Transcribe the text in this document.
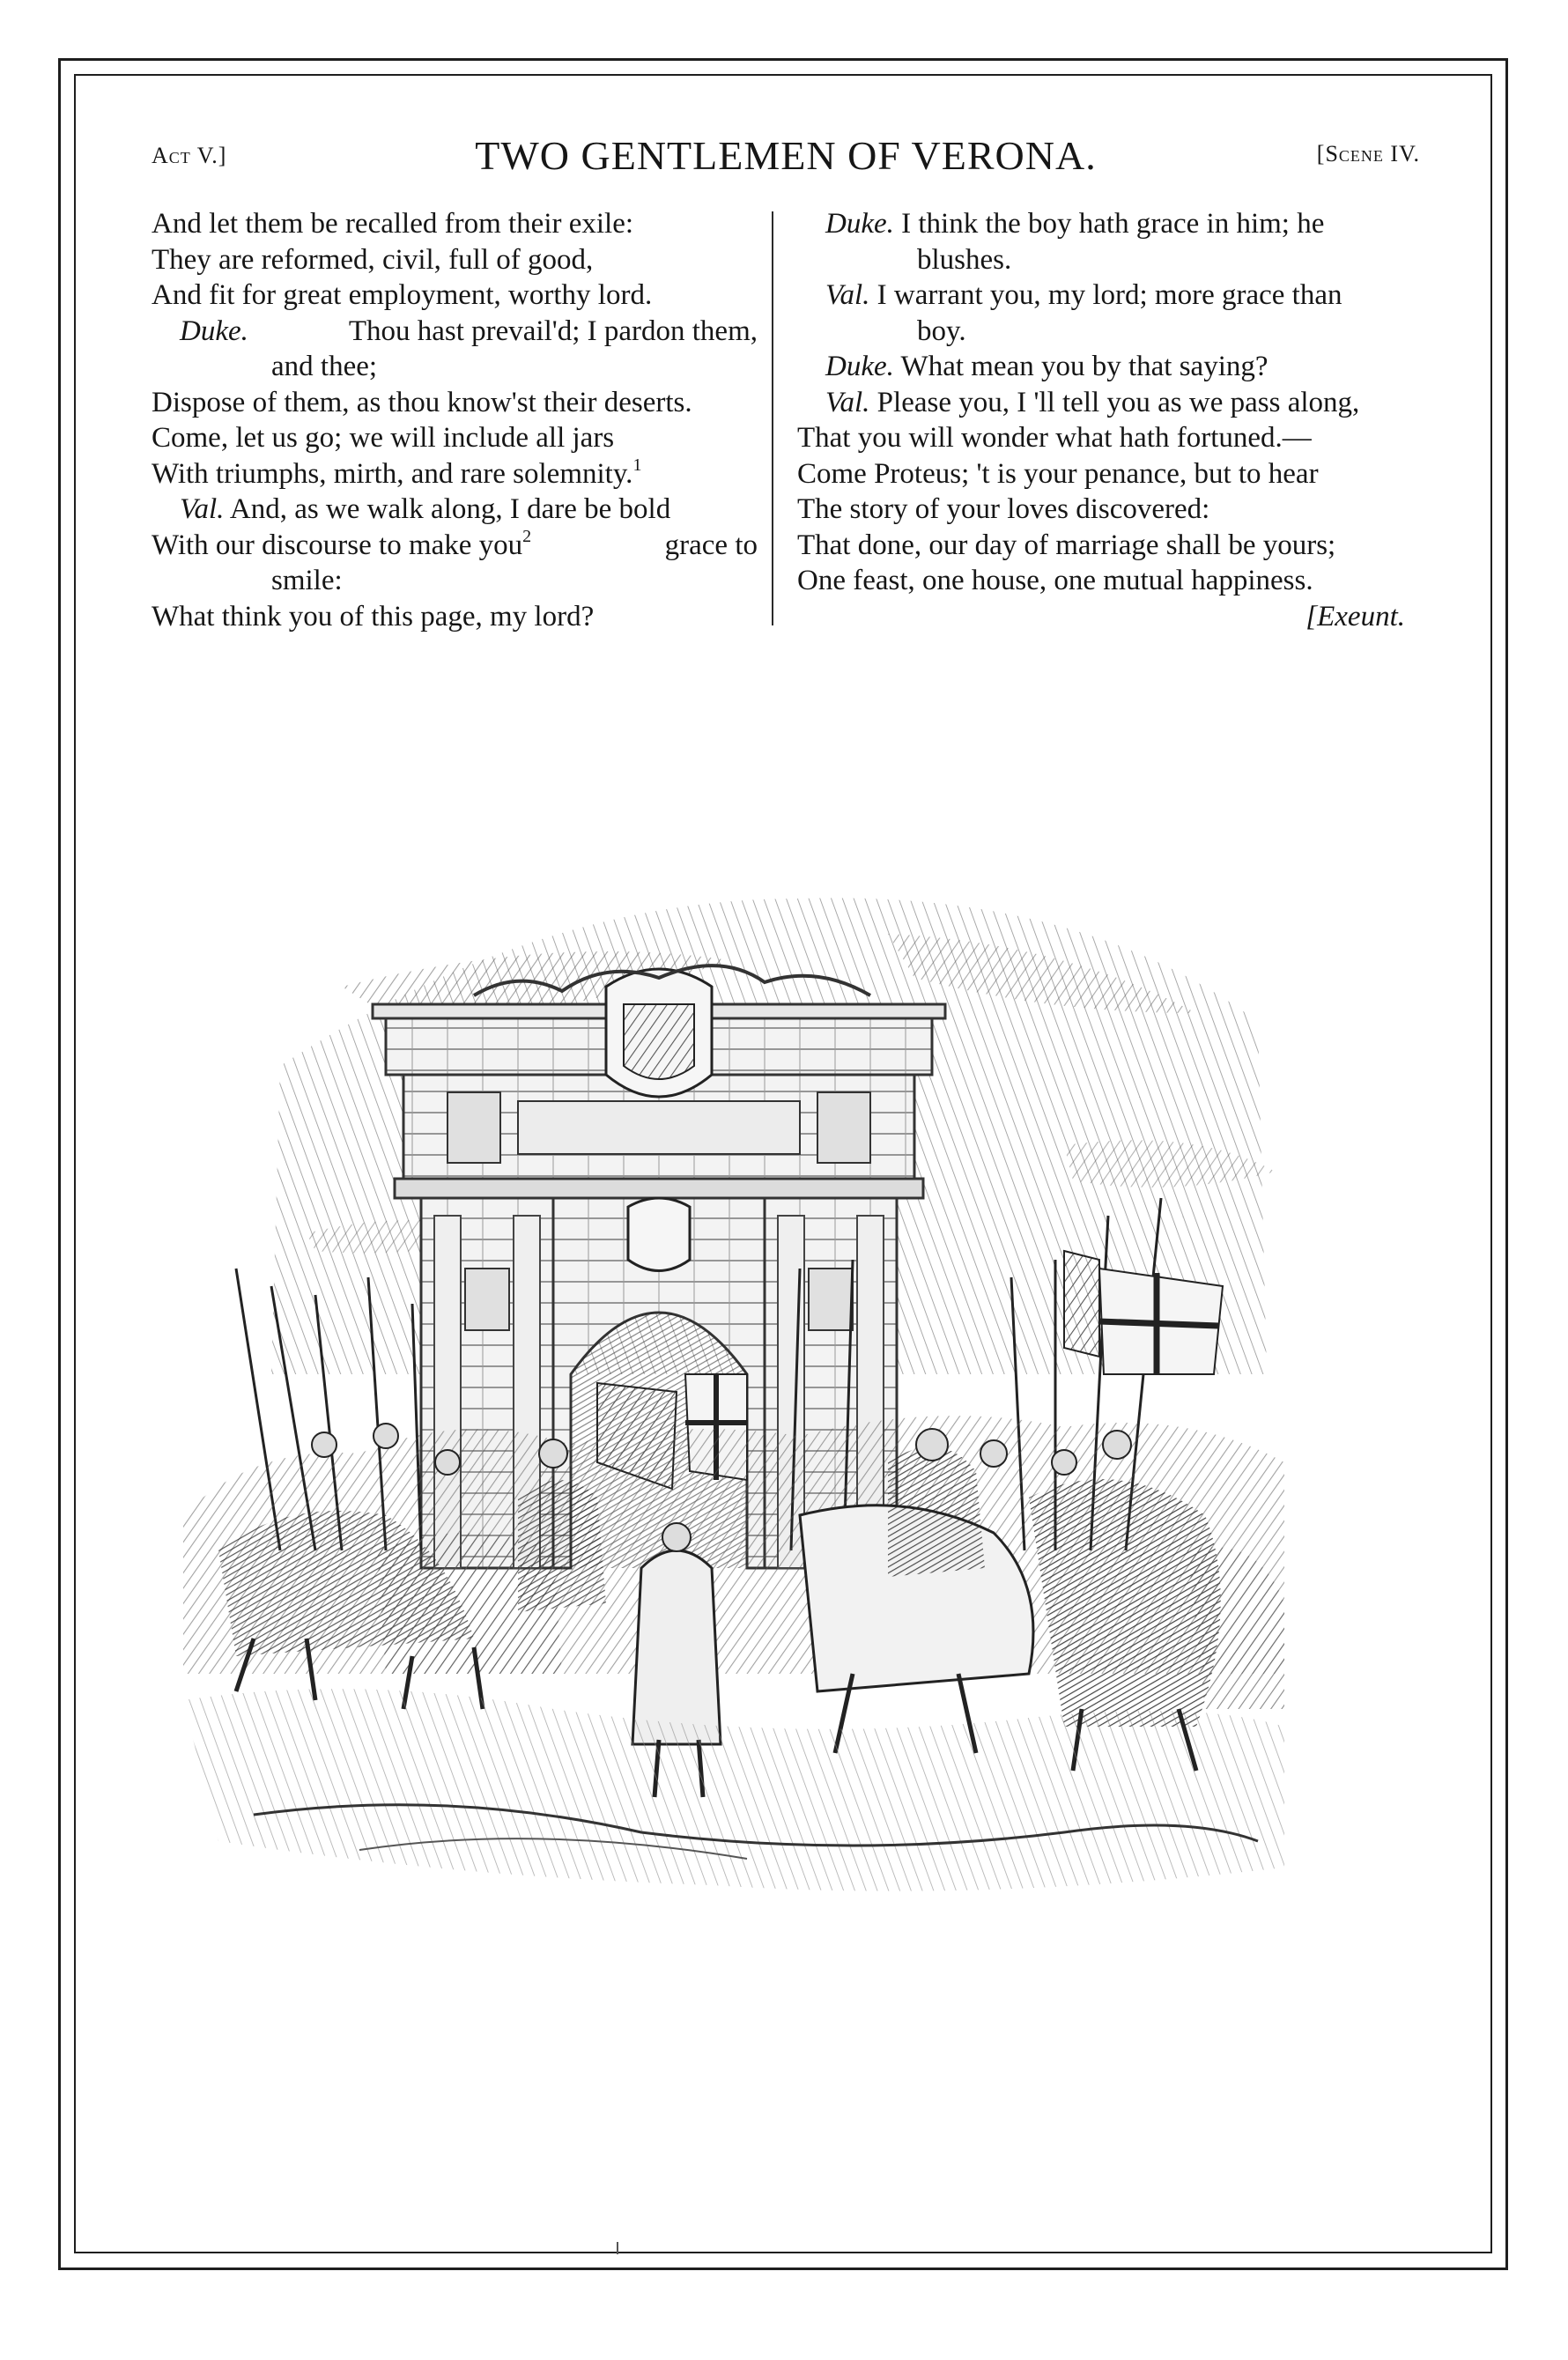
Act V.]	TWO GENTLEMEN OF VERONA.	[Scene IV.
And let them be recalled from their exile:
They are reformed, civil, full of good,
And fit for great employment, worthy lord.
Duke.	Thou hast prevail'd; I pardon them,
and thee;
Dispose of them, as thou know'st their deserts.
Come, let us go; we will include all jars
With triumphs, mirth, and rare solemnity.$^1$
Val. And, as we walk along, I dare be bold
With our discourse to make you$^2$	grace to
smile:
What think you of this page, my lord?
Duke. I think the boy hath grace in him; he
blushes.
Val. I warrant you, my lord; more grace than
boy.
Duke. What mean you by that saying?
Val. Please you, I 'll tell you as we pass along,
That you will wonder what hath fortuned.—
Come Proteus; 't is your penance, but to hear
The story of your loves discovered:
That done, our day of marriage shall be yours;
One feast, one house, one mutual happiness.
[Exeunt.
